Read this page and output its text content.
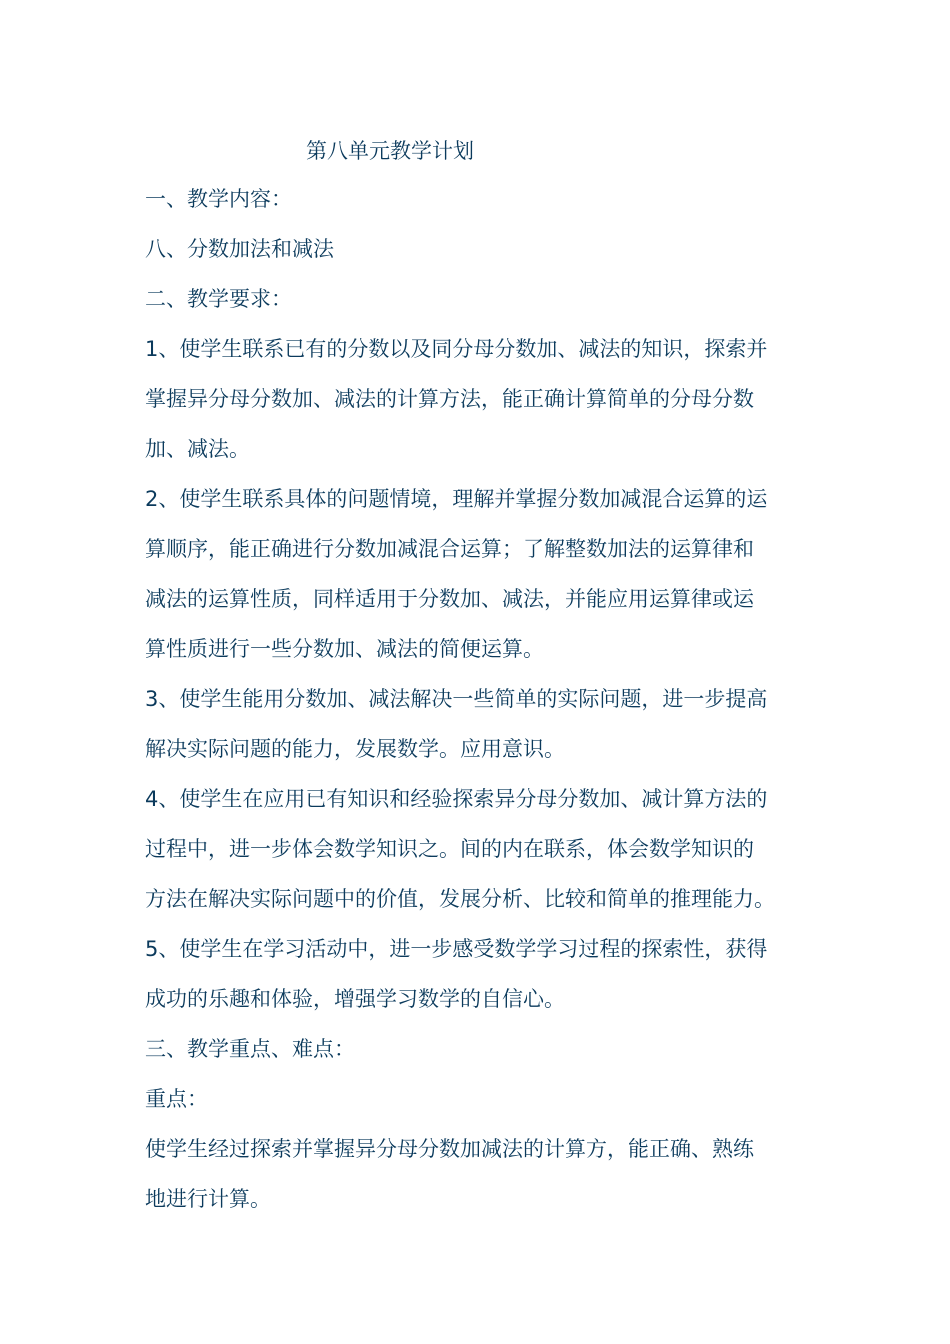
第八单元教学计划
一、教学内容：
八、分数加法和减法
二、教学要求：
1、使学生联系已有的分数以及同分母分数加、减法的知识，探索并
掌握异分母分数加、减法的计算方法，能正确计算简单的分母分数
加、减法。
2、使学生联系具体的问题情境，理解并掌握分数加减混合运算的运
算顺序，能正确进行分数加减混合运算；了解整数加法的运算律和
减法的运算性质，同样适用于分数加、减法，并能应用运算律或运
算性质进行一些分数加、减法的简便运算。
3、使学生能用分数加、减法解决一些简单的实际问题，进一步提高
解决实际问题的能力，发展数学。应用意识。
4、使学生在应用已有知识和经验探索异分母分数加、减计算方法的
过程中，进一步体会数学知识之。间的内在联系，体会数学知识的
方法在解决实际问题中的价值，发展分析、比较和简单的推理能力。
5、使学生在学习活动中，进一步感受数学学习过程的探索性，获得
成功的乐趣和体验，增强学习数学的自信心。
三、教学重点、难点：
重点：
使学生经过探索并掌握异分母分数加减法的计算方，能正确、熟练
地进行计算。
